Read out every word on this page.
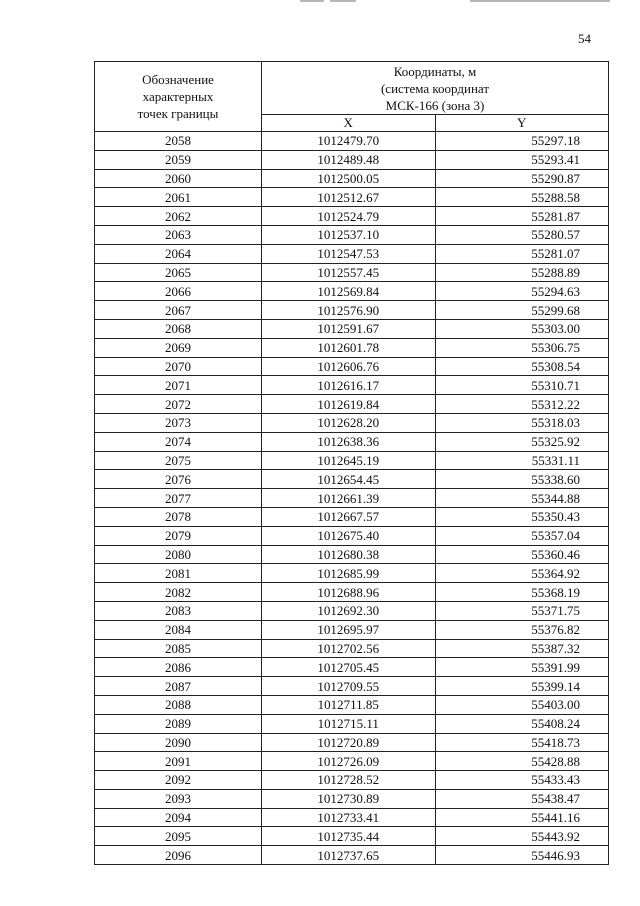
54
Обозначение
характерных
точек границы	Координаты, м
(система координат
МСК-166 (зона 3)	

	X	Y
2058	1012479.70	55297.18
2059	1012489.48	55293.41
2060	1012500.05	55290.87
2061	1012512.67	55288.58
2062	1012524.79	55281.87
2063	1012537.10	55280.57
2064	1012547.53	55281.07
2065	1012557.45	55288.89
2066	1012569.84	55294.63
2067	1012576.90	55299.68
2068	1012591.67	55303.00
2069	1012601.78	55306.75
2070	1012606.76	55308.54
2071	1012616.17	55310.71
2072	1012619.84	55312.22
2073	1012628.20	55318.03
2074	1012638.36	55325.92
2075	1012645.19	55331.11
2076	1012654.45	55338.60
2077	1012661.39	55344.88
2078	1012667.57	55350.43
2079	1012675.40	55357.04
2080	1012680.38	55360.46
2081	1012685.99	55364.92
2082	1012688.96	55368.19
2083	1012692.30	55371.75
2084	1012695.97	55376.82
2085	1012702.56	55387.32
2086	1012705.45	55391.99
2087	1012709.55	55399.14
2088	1012711.85	55403.00
2089	1012715.11	55408.24
2090	1012720.89	55418.73
2091	1012726.09	55428.88
2092	1012728.52	55433.43
2093	1012730.89	55438.47
2094	1012733.41	55441.16
2095	1012735.44	55443.92
2096	1012737.65	55446.93
